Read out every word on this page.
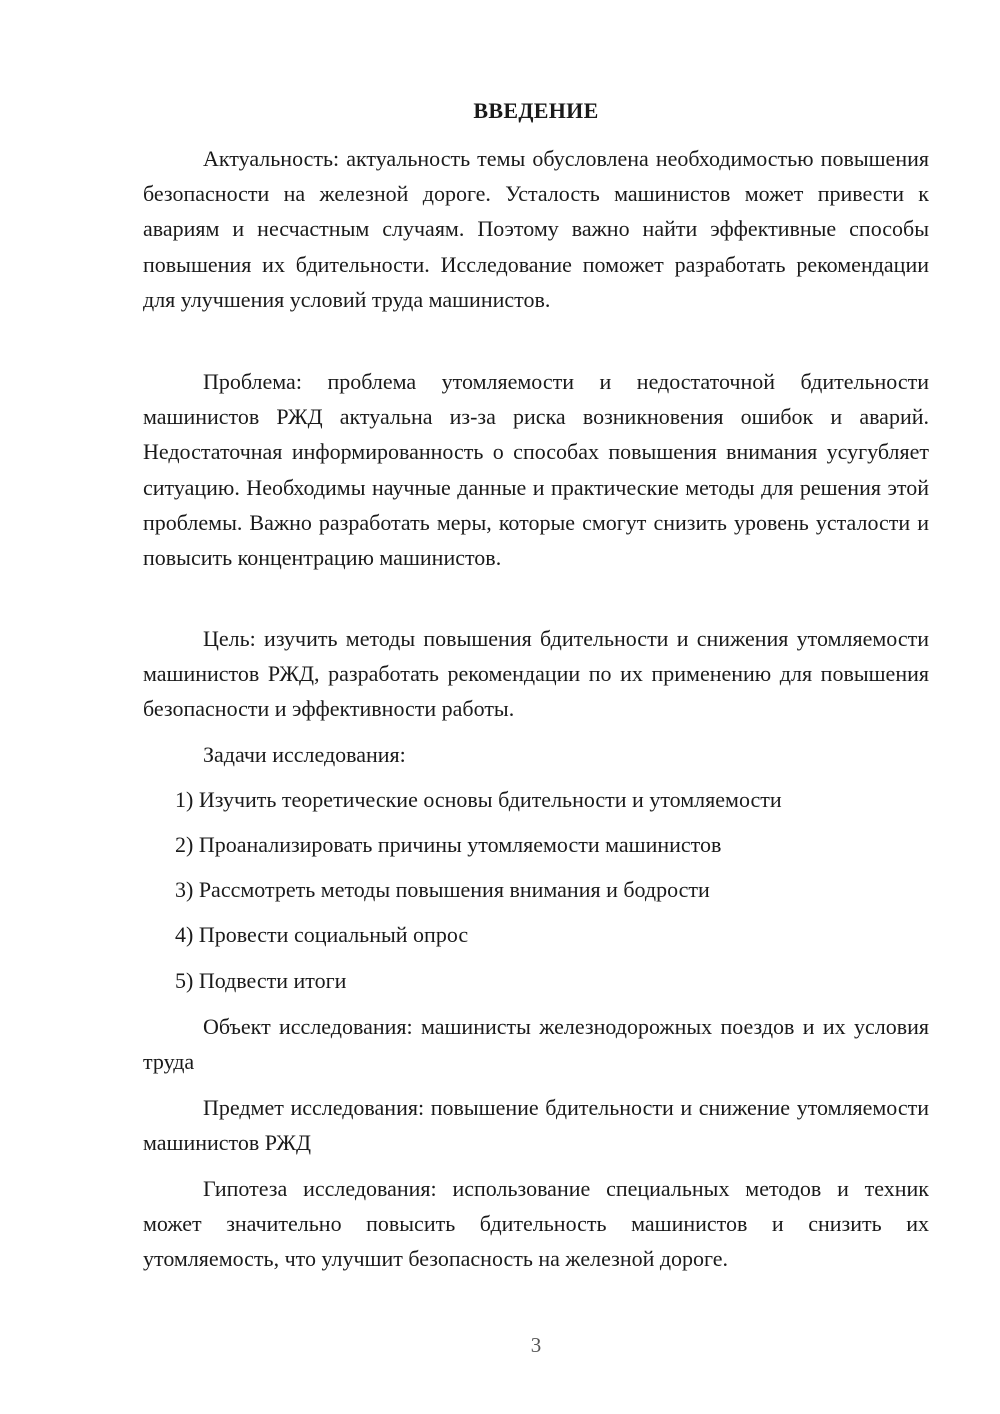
ВВЕДЕНИЕ

Актуальность: актуальность темы обусловлена необходимостью повышения безопасности на железной дороге. Усталость машинистов может привести к авариям и несчастным случаям. Поэтому важно найти эффективные способы повышения их бдительности. Исследование поможет разработать рекомендации для улучшения условий труда машинистов.

Проблема: проблема утомляемости и недостаточной бдительности машинистов РЖД актуальна из-за риска возникновения ошибок и аварий. Недостаточная информированность о способах повышения внимания усугубляет ситуацию. Необходимы научные данные и практические методы для решения этой проблемы. Важно разработать меры, которые смогут снизить уровень усталости и повысить концентрацию машинистов.

Цель: изучить методы повышения бдительности и снижения утомляемости машинистов РЖД, разработать рекомендации по их применению для повышения безопасности и эффективности работы.

Задачи исследования:

1) Изучить теоретические основы бдительности и утомляемости
2) Проанализировать причины утомляемости машинистов
3) Рассмотреть методы повышения внимания и бодрости
4) Провести социальный опрос
5) Подвести итоги

Объект исследования: машинисты железнодорожных поездов и их условия труда

Предмет исследования: повышение бдительности и снижение утомляемости машинистов РЖД

Гипотеза исследования: использование специальных методов и техник может значительно повысить бдительность машинистов и снизить их утомляемость, что улучшит безопасность на железной дороге.

3
